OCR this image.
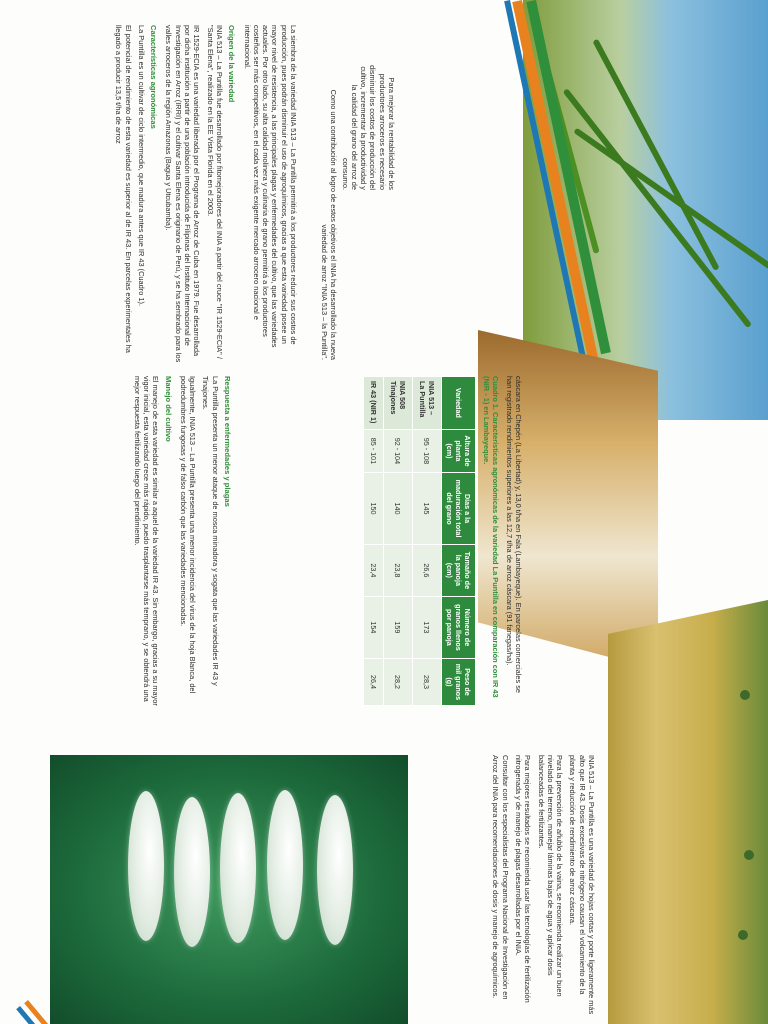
Para mejorar la rentabilidad de los productores arroceros es necesario disminuir los costos de producción del cultivo, incrementar la productividad y la calidad del grano del arroz de consumo.
Como una contribución al logro de estos objetivos el INIA ha desarrollado la nueva variedad de arroz "INIA 513 – la Puntilla".

La siembra de la variedad INIA 513 – La Puntilla permitirá a los productores reducir sus costos de producción, pues podrán disminuir el uso de agroquímicos, gracias a que esta variedad posee un mayor nivel de resistencia, a las principales plagas y enfermedades del cultivo, que las variedades actuales. Por otro lado, su alta calidad molinera y culinaria de grano permitirá a los productores costeños ser más competitivos, en el cada vez más exigente mercado arrocero nacional e internacional.

Origen de la variedad

INIA 513 – La Puntilla fue desarrollado por fitomejoradores del INIA a partir del cruce "IR 1529-ECIA" / "Santa Elena", realizado en la EE Vista Florida en el 2003.

IR 1529-ECIA es una variedad liberada por el Programa de Arroz de Cuba en 1979. Fue desarrollada por dicha institución a partir de una población introducida de Filipinas del Instituto Internacional de Investigación en Arroz (IRRI) y el cultivar Santa Elena es originario de Perú, y se ha sembrado para los valles arroceros de la región Amazonas (Bagua y Utcubamba).

Características agronómicas

La Puntilla es un cultivar de ciclo intermedio, que madura antes que IR 43 (Cuadro 1).

El potencial de rendimiento de esta variedad es superior al de IR 43. En parcelas experimentales ha llegado a producir 13,5 t/ha de arroz

cáscara en Chepén (La Libertad) y, 13,0 t/ha en Fala (Lambayeque). En parcelas comerciales se han registrado rendimientos superiores a las 12,7 t/ha de arroz cáscara (91 fanegas/ha).

Cuadro 1. Características agronómicas de la variedad La Puntilla en comparación con IR 43 (NIR - 1) en Lambayeque.

Variedad	Altura de planta (cm)	Días a la maduración total del grano	Tamaño de la panoja (cm)	Número de granos llenos por panoja	Peso de mil granos (g)
INIA 513 – La Puntilla	95 - 108	145	26,6	173	28,3
INIA 508 Tinajones	92 - 104	140	23,8	159	28,2
IR 43 (NIR 1)	85 - 101	150	23,4	154	26,4
Respuesta a enfermedades y plagas

La Puntilla presenta un menor ataque de mosca minadora y sogata que las variedades IR 43 y Tinajones.

Igualmente, INIA 513 – La Puntilla presenta una menor incidencia del virus de la hoja Blanca, del podredumbres fungosas y de falso carbón que las variedades mencionadas.

Manejo del cultivo

El manejo de esta variedad es similar a aquel de la variedad IR 43. Sin embargo, gracias a su mayor vigor inicial, esta variedad crece más rápido, puedo trasplantarse más temprano, y se obtendrá una mejor respuesta fertilizando luego del prendimiento.

INIA 513 – La Puntilla es una variedad de hojas cortas y porte ligeramente más alto que IR 43. Dosis excesivas de nitrógeno causan el volcamiento de la planta y reducción de rendimiento de arroz cáscara.

Para la prevención de añublo de la vaina, se recomienda realizar un buen nivelado del terreno, manejar láminas bajas de agua y aplicar dosis balanceadas de fertilizantes.

Para mejores resultados se recomienda usar las tecnologías de fertilización nitrogenada y de manejo de plagas desarrolladas por el INIA.

Consultar con los especialistas del Programa Nacional de Investigación en Arroz del INIA para recomendaciones de dosis y manejo de agroquímicos.
